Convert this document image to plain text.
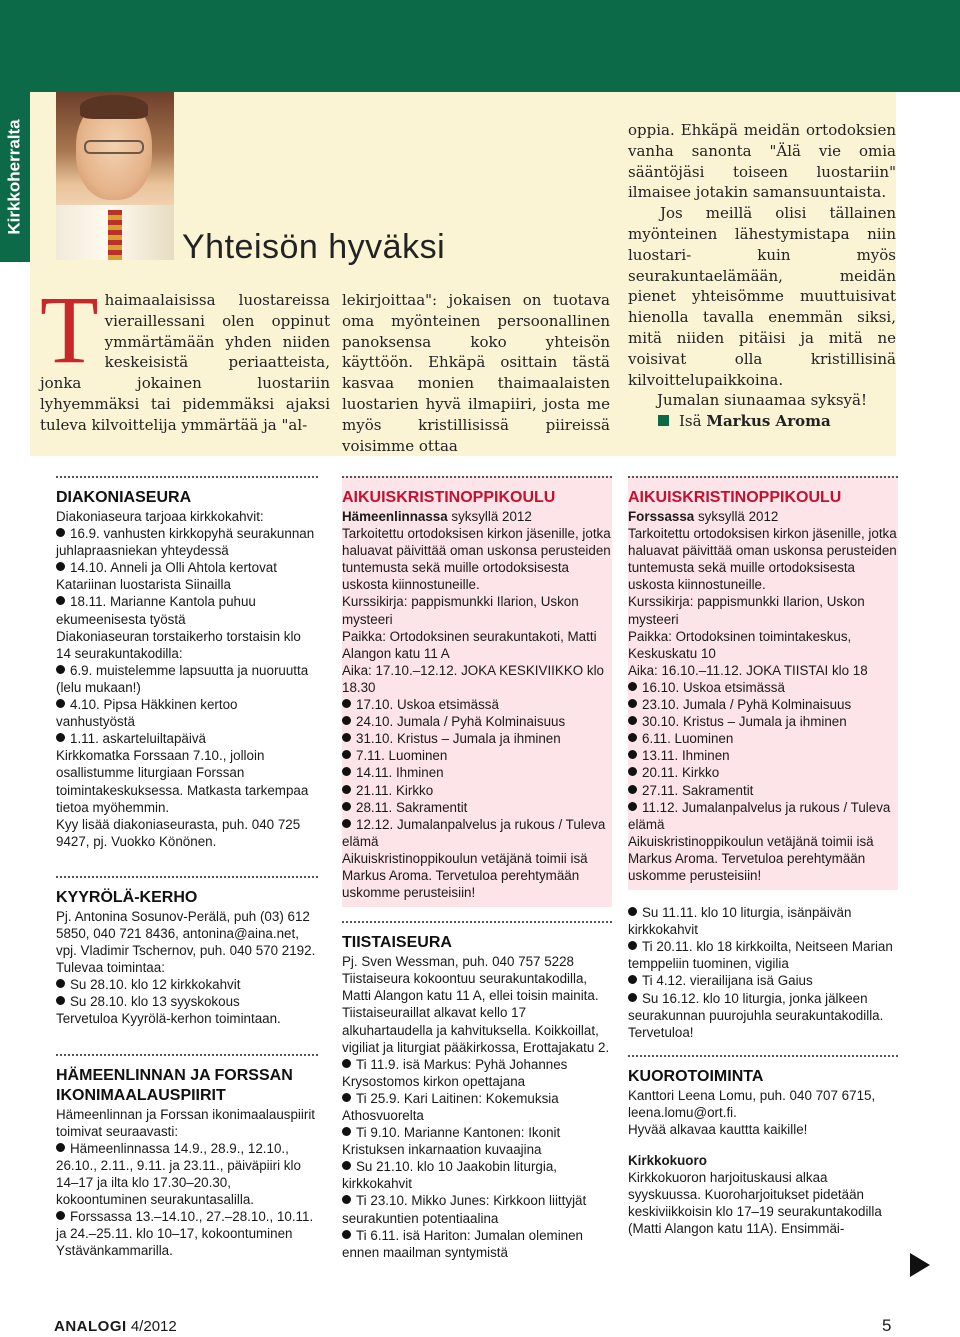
Kirkkoherralta
Yhteisön hyväksi

Thaimaalaisissa luostareissa vieraillessani olen oppinut ymmärtämään yhden niiden keskeisistä periaatteista, jonka jokainen luostariin lyhyemmäksi tai pidemmäksi ajaksi tuleva kilvoittelija ymmärtää ja "al-

lekirjoittaa": jokaisen on tuotava oma myönteinen persoonallinen panoksensa koko yhteisön käyttöön. Ehkäpä osittain tästä kasvaa monien thaimaalaisten luostarien hyvä ilmapiiri, josta me myös kristillisissä piireissä voisimme ottaa

oppia. Ehkäpä meidän ortodoksien vanha sanonta "Älä vie omia sääntöjäsi toiseen luostariin" ilmaisee jotakin samansuuntaista.

Jos meillä olisi tällainen myönteinen lähestymistapa niin luostari- kuin myös seurakuntaelämään, meidän pienet yhteisömme muuttuisivat hienolla tavalla enemmän siksi, mitä niiden pitäisi ja mitä ne voisivat olla kristillisinä kilvoittelupaikkoina.

Jumalan siunaamaa syksyä!

Isä Markus Aroma

DIAKONIASEURA

Diakoniaseura tarjoaa kirkkokahvit:

16.9. vanhusten kirkkopyhä seurakunnan juhlapraasniekan yhteydessä

14.10. Anneli ja Olli Ahtola kertovat Katariinan luostarista Siinailla

18.11. Marianne Kantola puhuu ekumeenisesta työstä

Diakoniaseuran torstaikerho torstaisin klo 14 seurakuntakodilla:

6.9. muistelemme lapsuutta ja nuoruutta (lelu mukaan!)

4.10. Pipsa Häkkinen kertoo vanhustyöstä

1.11. askarteluiltapäivä

Kirkkomatka Forssaan 7.10., jolloin osallistumme liturgiaan Forssan toimintakeskuksessa. Matkasta tarkempaa tietoa myöhemmin.

Kyy lisää diakoniaseurasta, puh. 040 725 9427, pj. Vuokko Könönen.

KYYRÖLÄ-KERHO

Pj. Antonina Sosunov-Perälä, puh (03) 612 5850, 040 721 8436, antonina@aina.net, vpj. Vladimir Tschernov, puh. 040 570 2192.

Tulevaa toimintaa:

Su 28.10. klo 12 kirkkokahvit

Su 28.10. klo 13 syyskokous

Tervetuloa Kyyrölä-kerhon toimintaan.

HÄMEENLINNAN JA FORSSAN
IKONIMAALAUSPIIRIT

Hämeenlinnan ja Forssan ikonimaalauspiirit toimivat seuraavasti:

Hämeenlinnassa 14.9., 28.9., 12.10., 26.10., 2.11., 9.11. ja 23.11., päiväpiiri klo 14–17 ja ilta klo 17.30–20.30, kokoontuminen seurakuntasalilla.

Forssassa 13.–14.10., 27.–28.10., 10.11. ja 24.–25.11. klo 10–17, kokoontuminen Ystävänkammarilla.

AIKUISKRISTINOPPIKOULU

Hämeenlinnassa syksyllä 2012

Tarkoitettu ortodoksisen kirkon jäsenille, jotka haluavat päivittää oman uskonsa perusteiden tuntemusta sekä muille ortodoksisesta uskosta kiinnostuneille.

Kurssikirja: pappismunkki Ilarion, Uskon mysteeri

Paikka: Ortodoksinen seurakuntakoti, Matti Alangon katu 11 A

Aika: 17.10.–12.12. JOKA KESKIVIIKKO klo 18.30

17.10. Uskoa etsimässä

24.10. Jumala / Pyhä Kolminaisuus

31.10. Kristus – Jumala ja ihminen

7.11. Luominen

14.11. Ihminen

21.11. Kirkko

28.11. Sakramentit

12.12. Jumalanpalvelus ja rukous / Tuleva elämä

Aikuiskristinoppikoulun vetäjänä toimii isä Markus Aroma. Tervetuloa perehtymään uskomme perusteisiin!

TIISTAISEURA

Pj. Sven Wessman, puh. 040 757 5228 Tiistaiseura kokoontuu seurakuntakodilla, Matti Alangon katu 11 A, ellei toisin mainita. Tiistaiseuraillat alkavat kello 17 alkuhartaudella ja kahvituksella. Koikkoillat, vigiliat ja liturgiat pääkirkossa, Erottajakatu 2.

Ti 11.9. isä Markus: Pyhä Johannes Krysostomos kirkon opettajana

Ti 25.9. Kari Laitinen: Kokemuksia Athosvuorelta

Ti 9.10. Marianne Kantonen: Ikonit Kristuksen inkarnaation kuvaajina

Su 21.10. klo 10 Jaakobin liturgia, kirkkokahvit

Ti 23.10. Mikko Junes: Kirkkoon liittyjät seurakuntien potentiaalina

Ti 6.11. isä Hariton: Jumalan oleminen ennen maailman syntymistä

AIKUISKRISTINOPPIKOULU

Forssassa syksyllä 2012

Tarkoitettu ortodoksisen kirkon jäsenille, jotka haluavat päivittää oman uskonsa perusteiden tuntemusta sekä muille ortodoksisesta uskosta kiinnostuneille.

Kurssikirja: pappismunkki Ilarion, Uskon mysteeri

Paikka: Ortodoksinen toimintakeskus, Keskuskatu 10

Aika: 16.10.–11.12. JOKA TIISTAI klo 18

16.10. Uskoa etsimässä

23.10. Jumala / Pyhä Kolminaisuus

30.10. Kristus – Jumala ja ihminen

6.11. Luominen

13.11. Ihminen

20.11. Kirkko

27.11. Sakramentit

11.12. Jumalanpalvelus ja rukous / Tuleva elämä

Aikuiskristinoppikoulun vetäjänä toimii isä Markus Aroma. Tervetuloa perehtymään uskomme perusteisiin!

Su 11.11. klo 10 liturgia, isänpäivän kirkkokahvit

Ti 20.11. klo 18 kirkkoilta, Neitseen Marian temppeliin tuominen, vigilia

Ti 4.12. vierailijana isä Gaius

Su 16.12. klo 10 liturgia, jonka jälkeen seurakunnan puurojuhla seurakuntakodilla.

Tervetuloa!

KUOROTOIMINTA

Kanttori Leena Lomu, puh. 040 707 6715, leena.lomu@ort.fi.

Hyvää alkavaa kauttta kaikille!

Kirkkokuoro

Kirkkokuoron harjoituskausi alkaa syyskuussa. Kuoroharjoitukset pidetään keskiviikkoisin klo 17–19 seurakuntakodilla (Matti Alangon katu 11A). Ensimmäi-

ANALOGI 4/2012	5
